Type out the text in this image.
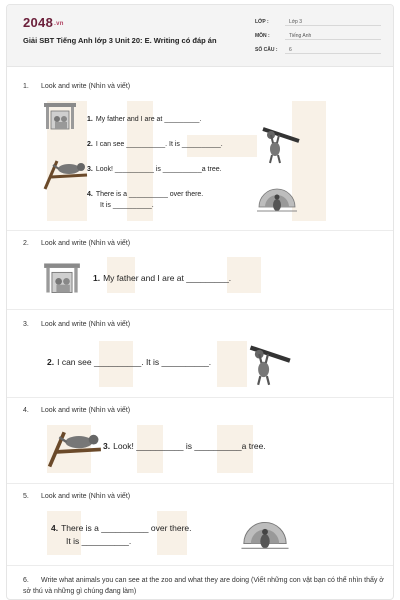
2048.vn
Giải SBT Tiếng Anh lớp 3 Unit 20: E. Writing có đáp án
LỚP :	Lớp 3
MÔN :	Tiếng Anh
SỐ CÂU : 6
1. Look and write (Nhìn và viết)
1. My father and I are at _________.
2. I can see __________. It is __________.
3. Look! __________ is __________a tree.
4. There is a __________ over there.
It is __________.
2. Look and write (Nhìn và viết)
1. My father and I are at _________.
3. Look and write (Nhìn và viết)
2. I can see __________. It is __________.
4. Look and write (Nhìn và viết)
3. Look! __________ is __________a tree.
5. Look and write (Nhìn và viết)
4. There is a __________ over there.
It is __________.
6. Write what animals you can see at the zoo and what they are doing (Viết những con vật bạn có thể nhìn thấy ở sở thú và những gì chúng đang làm)
